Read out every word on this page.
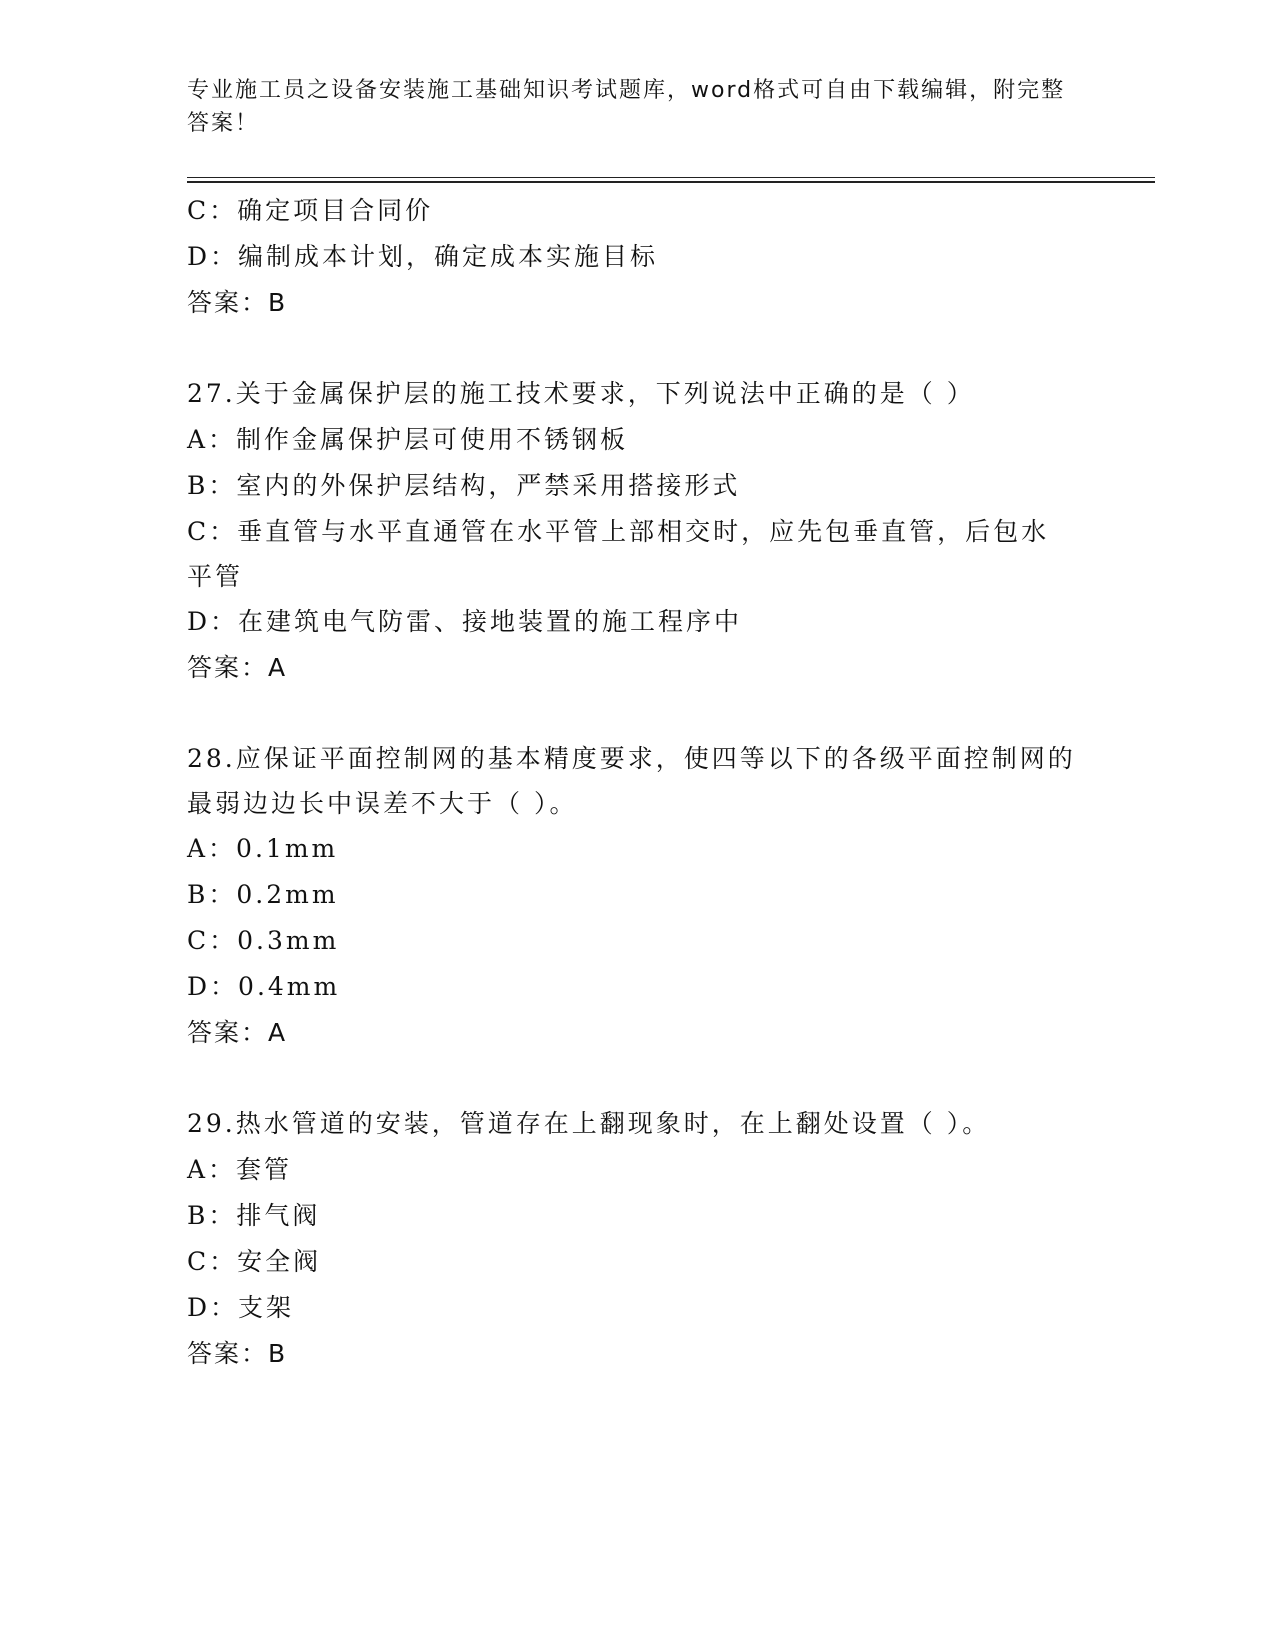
专业施工员之设备安装施工基础知识考试题库，word格式可自由下载编辑，附完整答案！
C：确定项目合同价
D：编制成本计划，确定成本实施目标
答案：B
27.关于金属保护层的施工技术要求，下列说法中正确的是（ ）
A：制作金属保护层可使用不锈钢板
B：室内的外保护层结构，严禁采用搭接形式
C：垂直管与水平直通管在水平管上部相交时，应先包垂直管，后包水平管
D：在建筑电气防雷、接地装置的施工程序中
答案：A
28.应保证平面控制网的基本精度要求，使四等以下的各级平面控制网的最弱边边长中误差不大于（ ）。
A：0.1mm
B：0.2mm
C：0.3mm
D：0.4mm
答案：A
29.热水管道的安装，管道存在上翻现象时，在上翻处设置（ ）。
A：套管
B：排气阀
C：安全阀
D：支架
答案：B
